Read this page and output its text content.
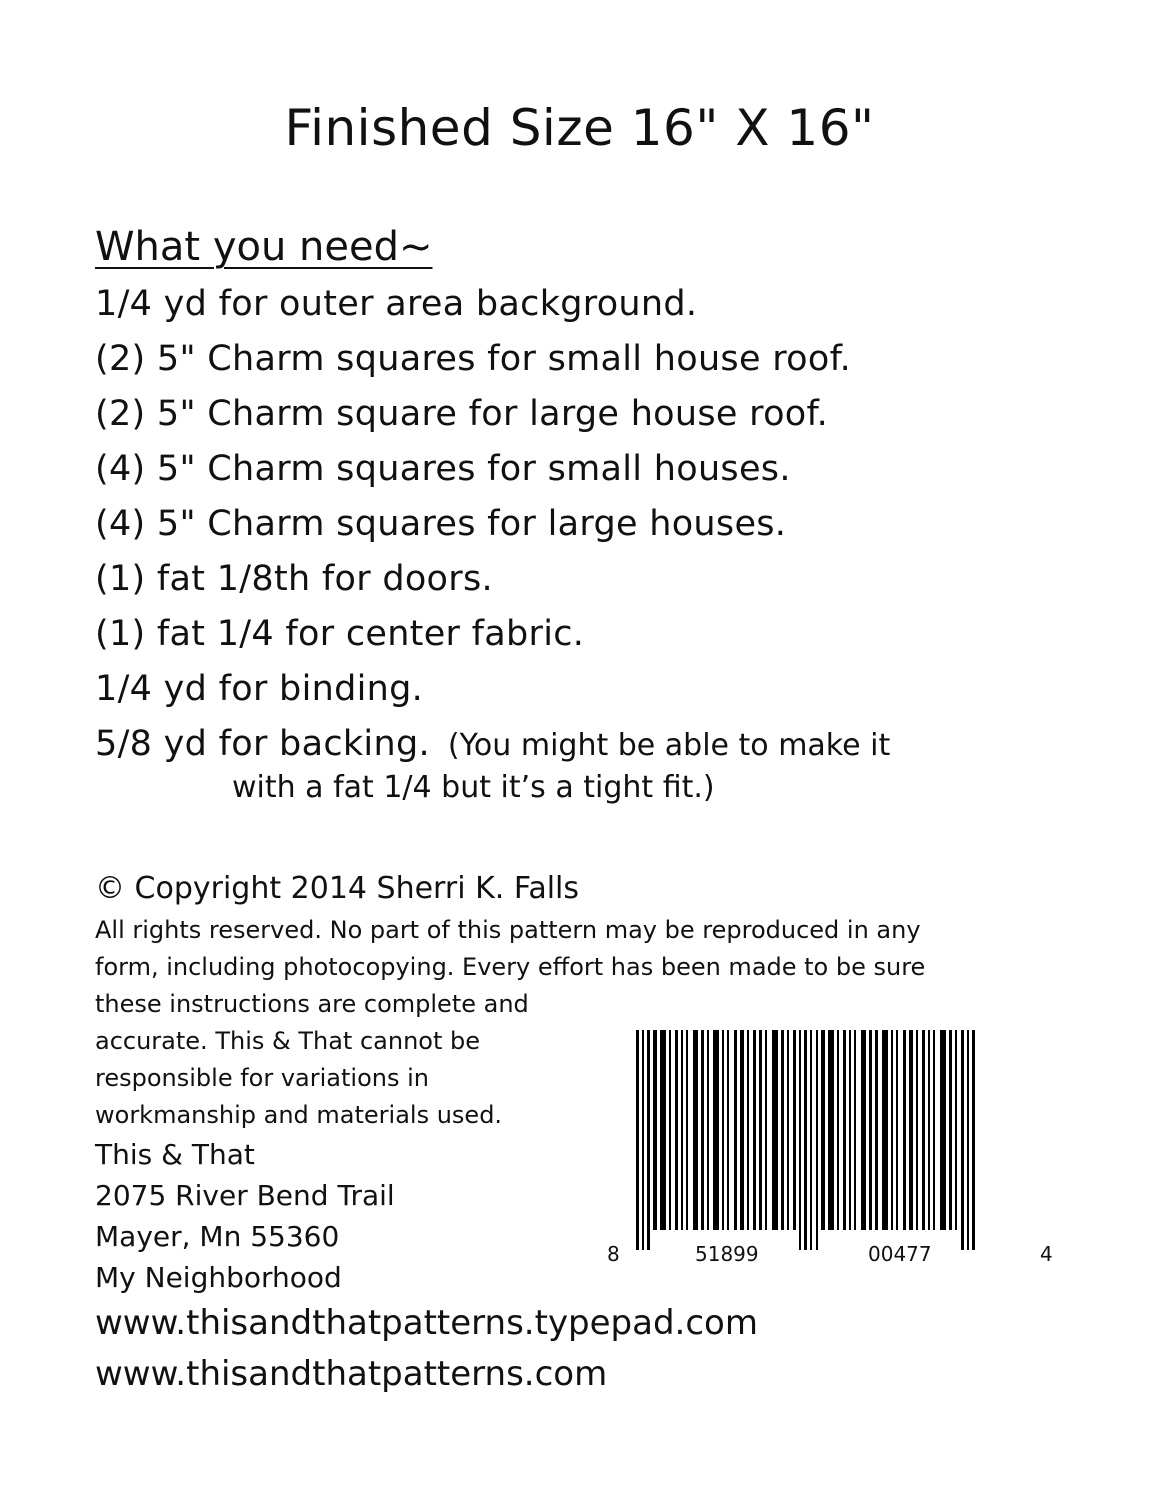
Finished Size 16" X 16"
What you need~
1/4 yd for outer area background.
(2) 5" Charm squares for small house roof.
(2) 5" Charm square for large house roof.
(4) 5" Charm squares for small houses.
(4) 5" Charm squares for large houses.
(1) fat 1/8th for doors.
(1) fat 1/4 for center fabric.
1/4 yd for binding.
5/8 yd for backing. (You might be able to make it
with a fat 1/4 but it’s a tight fit.)
© Copyright 2014 Sherri K. Falls
All rights reserved. No part of this pattern may be reproduced in any
form, including photocopying. Every effort has been made to be sure
these instructions are complete and
accurate. This & That cannot be
responsible for variations in
workmanship and materials used.
This & That
2075 River Bend Trail
Mayer, Mn 55360
My Neighborhood
www.thisandthatpatterns.typepad.com
www.thisandthatpatterns.com
8	51899	00477	4
